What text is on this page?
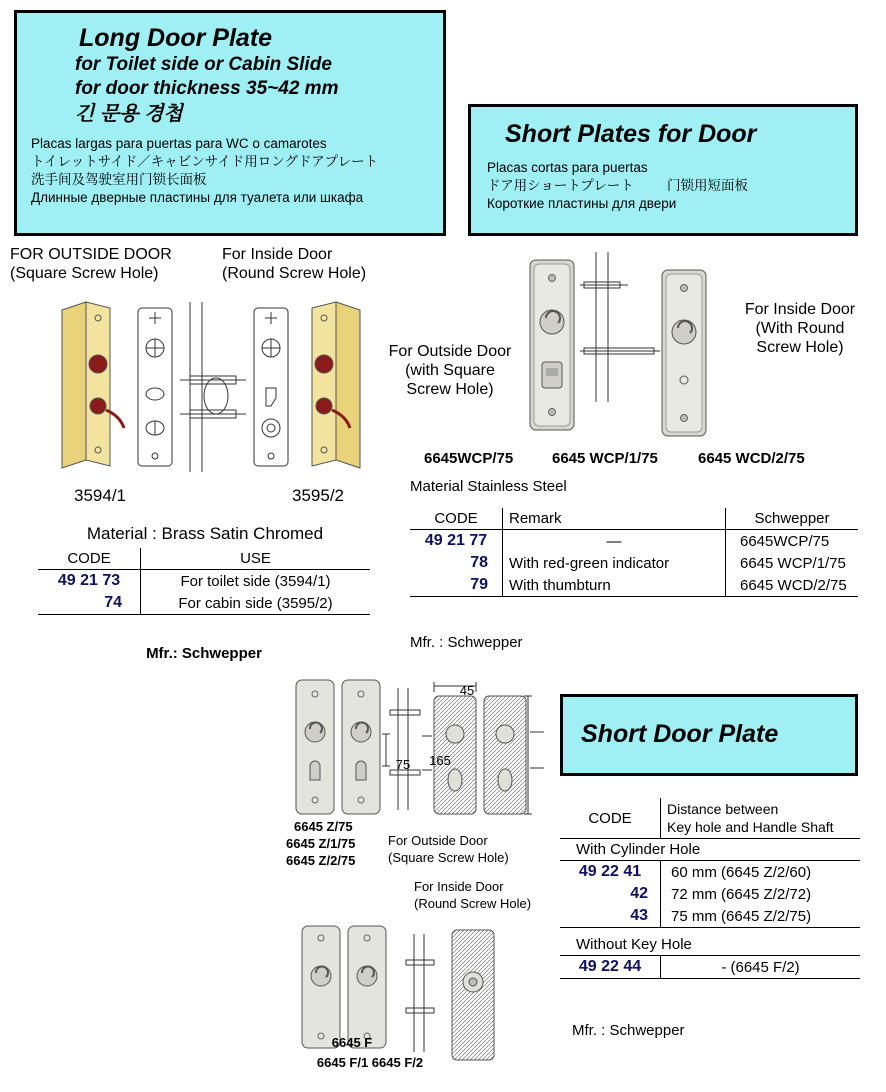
Long Door Plate
for Toilet side or Cabin Slide
for door thickness 35~42 mm
긴 문용 경첩
Placas largas para puertas para WC o camarotes
トイレットサイド／キャビンサイド用ロングドアプレート
洗手间及驾驶室用门锁长面板
Длинные дверные пластины для туалета или шкафа
Short Plates for Door
Placas cortas para puertas
ドア用ショートプレート 门锁用短面板
Короткие пластины для двери
FOR OUTSIDE DOOR
(Square Screw Hole)
For Inside Door
(Round Screw Hole)
3594/1	3595/2
Material : Brass Satin Chromed
CODE	USE
49 21 73	For toilet side (3594/1)
74	For cabin side (3595/2)
Mfr.: Schwepper
For Outside Door
(with Square
Screw Hole)
For Inside Door
(With Round
Screw Hole)
6645WCP/75	6645 WCP/1/75	6645 WCD/2/75
Material Stainless Steel
CODE	Remark	Schwepper
49 21 77	—	6645WCP/75
78	With red-green indicator	6645 WCP/1/75
79	With thumbturn	6645 WCD/2/75
Mfr. : Schwepper
Short Door Plate
45
75 165
6645 Z/75
6645 Z/1/75
6645 Z/2/75
For Outside Door
(Square Screw Hole)
For Inside Door
(Round Screw Hole)
6645 F
6645 F/1 6645 F/2
CODE	Distance between
Key hole and Handle Shaft

With Cylinder Hole	
49 22 41	60 mm (6645 Z/2/60)
42	72 mm (6645 Z/2/72)
43	75 mm (6645 Z/2/75)
Without Key Hole	
49 22 44	- (6645 F/2)
Mfr. : Schwepper
